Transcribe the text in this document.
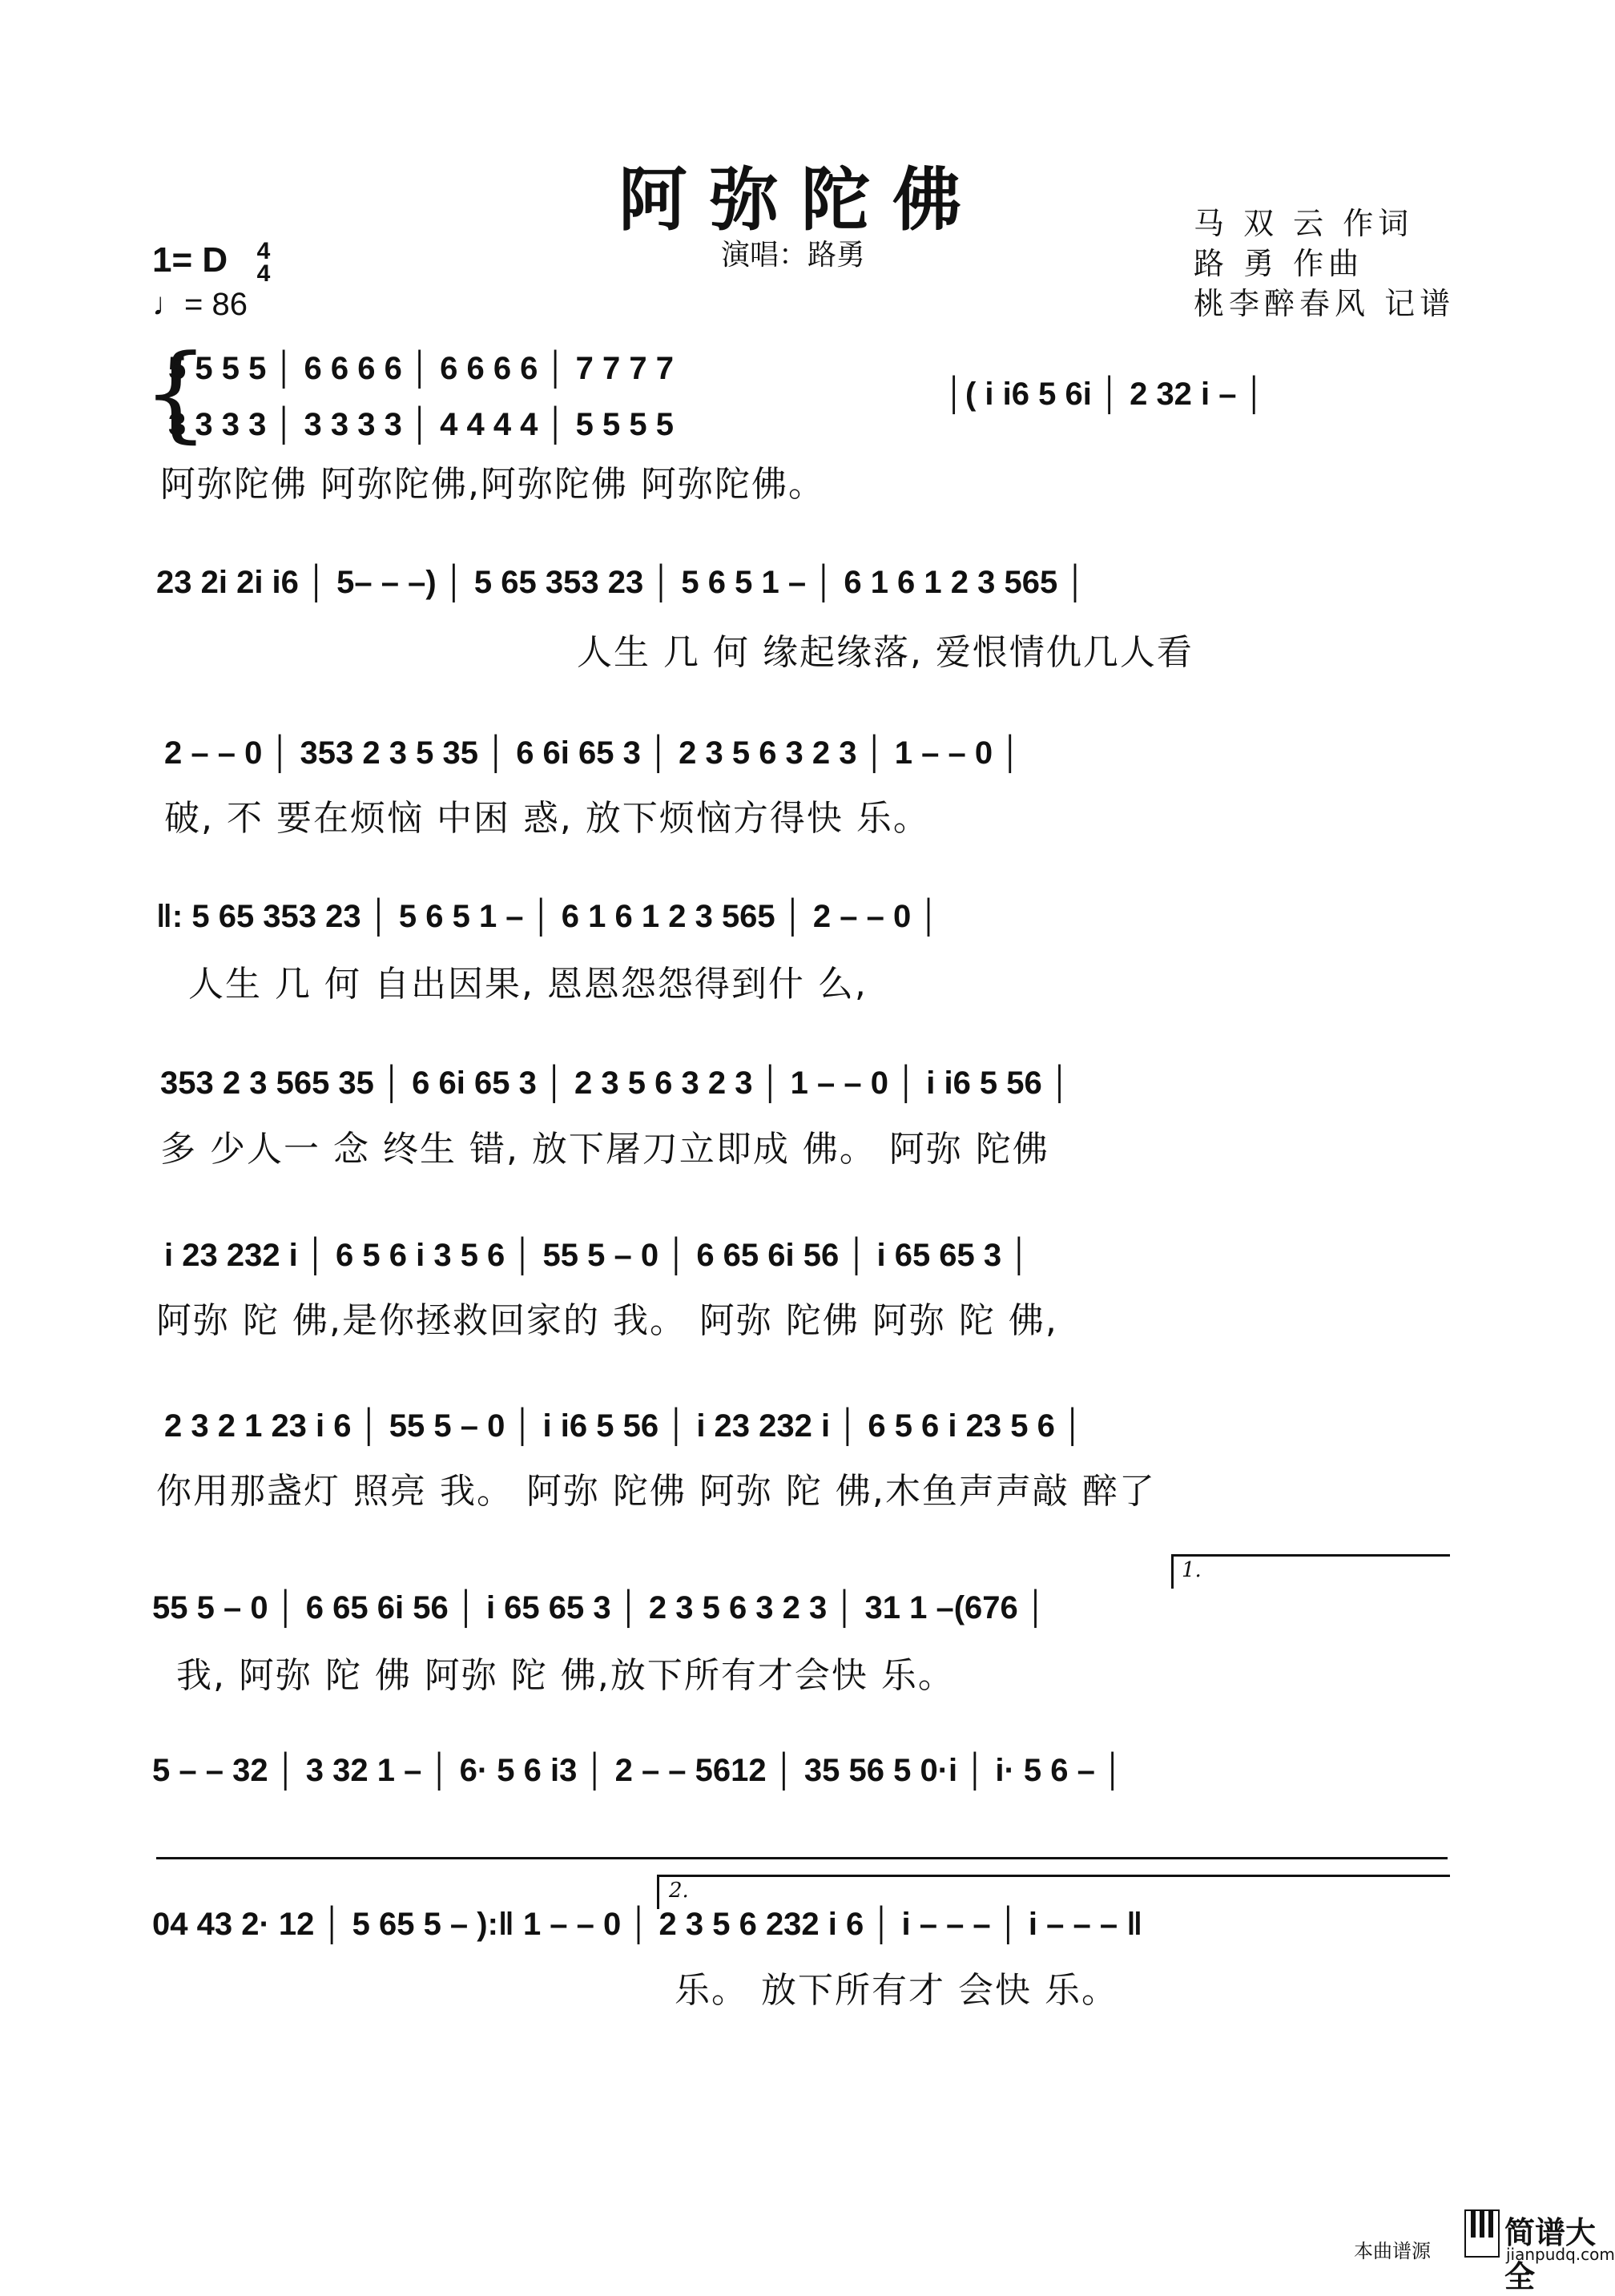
阿弥陀佛
演唱：路勇
马 双 云 作词
路 勇 作曲
桃李醉春风 记谱
1= D 4
4
♩= 86
{
5 5 5 5 │ 6 6 6 6 │ 6 6 6 6 │ 7 7 7 7
3 3 3 3 │ 3 3 3 3 │ 4 4 4 4 │ 5 5 5 5
│( i i6 5 6i │ 2 32 i – │
阿弥陀佛 阿弥陀佛,阿弥陀佛 阿弥陀佛。
23 2i 2i i6 │ 5– – –) │ 5 65 353 23 │ 5 6 5 1 – │ 6 1 6 1 2 3 565 │
人生 几 何 缘起缘落, 爱恨情仇几人看
2 – – 0 │ 353 2 3 5 35 │ 6 6i 65 3 │ 2 3 5 6 3 2 3 │ 1 – – 0 │
破, 不 要在烦恼 中困 惑, 放下烦恼方得快 乐。
‖: 5 65 353 23 │ 5 6 5 1 – │ 6 1 6 1 2 3 565 │ 2 – – 0 │
人生 几 何 自出因果, 恩恩怨怨得到什 么,
353 2 3 565 35 │ 6 6i 65 3 │ 2 3 5 6 3 2 3 │ 1 – – 0 │ i i6 5 56 │
多 少人一 念 终生 错, 放下屠刀立即成 佛。 阿弥 陀佛
i 23 232 i │ 6 5 6 i 3 5 6 │ 55 5 – 0 │ 6 65 6i 56 │ i 65 65 3 │
阿弥 陀 佛,是你拯救回家的 我。 阿弥 陀佛 阿弥 陀 佛,
2 3 2 1 23 i 6 │ 55 5 – 0 │ i i6 5 56 │ i 23 232 i │ 6 5 6 i 23 5 6 │
你用那盏灯 照亮 我。 阿弥 陀佛 阿弥 陀 佛,木鱼声声敲 醉了
1.
55 5 – 0 │ 6 65 6i 56 │ i 65 65 3 │ 2 3 5 6 3 2 3 │ 31 1 –(676 │
我, 阿弥 陀 佛 阿弥 陀 佛,放下所有才会快 乐。
5 – – 32 │ 3 32 1 – │ 6· 5 6 i3 │ 2 – – 5612 │ 35 56 5 0·i │ i· 5 6 – │
2.
04 43 2· 12 │ 5 65 5 – ):‖ 1 – – 0 │ 2 3 5 6 232 i 6 │ i – – – │ i – – – ‖
乐。 放下所有才 会快 乐。
本曲谱源
简谱大全
jianpudq.com
